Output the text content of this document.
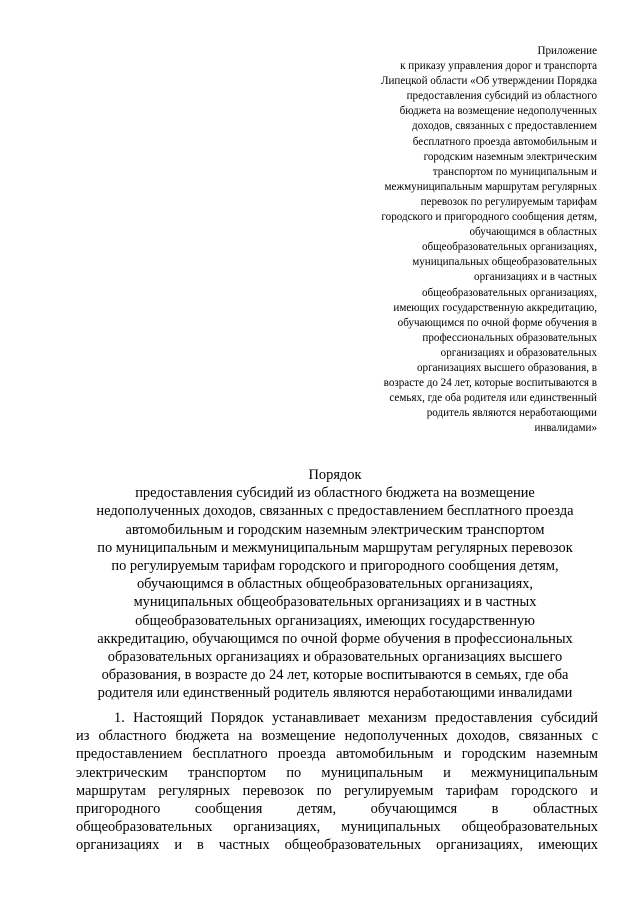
Приложение
к приказу управления дорог и транспорта
Липецкой области «Об утверждении Порядка
предоставления субсидий из областного
бюджета на возмещение недополученных
доходов, связанных с предоставлением
бесплатного проезда автомобильным и
городским наземным электрическим
транспортом по муниципальным и
межмуниципальным маршрутам регулярных
перевозок по регулируемым тарифам
городского и пригородного сообщения детям,
обучающимся в областных
общеобразовательных организациях,
муниципальных общеобразовательных
организациях и в частных
общеобразовательных организациях,
имеющих государственную аккредитацию,
обучающимся по очной форме обучения в
профессиональных образовательных
организациях и образовательных
организациях высшего образования, в
возрасте до 24 лет, которые воспитываются в
семьях, где оба родителя или единственный
родитель являются неработающими
инвалидами»
Порядок
предоставления субсидий из областного бюджета на возмещение
недополученных доходов, связанных с предоставлением бесплатного проезда
автомобильным и городским наземным электрическим транспортом
по муниципальным и межмуниципальным маршрутам регулярных перевозок
по регулируемым тарифам городского и пригородного сообщения детям,
обучающимся в областных общеобразовательных организациях,
муниципальных общеобразовательных организациях и в частных
общеобразовательных организациях, имеющих государственную
аккредитацию, обучающимся по очной форме обучения в профессиональных
образовательных организациях и образовательных организациях высшего
образования, в возрасте до 24 лет, которые воспитываются в семьях, где оба
родителя или единственный родитель являются неработающими инвалидами
1. Настоящий Порядок устанавливает механизм предоставления субсидий
из областного бюджета на возмещение недополученных доходов, связанных с
предоставлением бесплатного проезда автомобильным и городским наземным
электрическим транспортом по муниципальным и межмуниципальным
маршрутам регулярных перевозок по регулируемым тарифам городского и
пригородного сообщения детям, обучающимся в областных
общеобразовательных организациях, муниципальных общеобразовательных
организациях и в частных общеобразовательных организациях, имеющих
